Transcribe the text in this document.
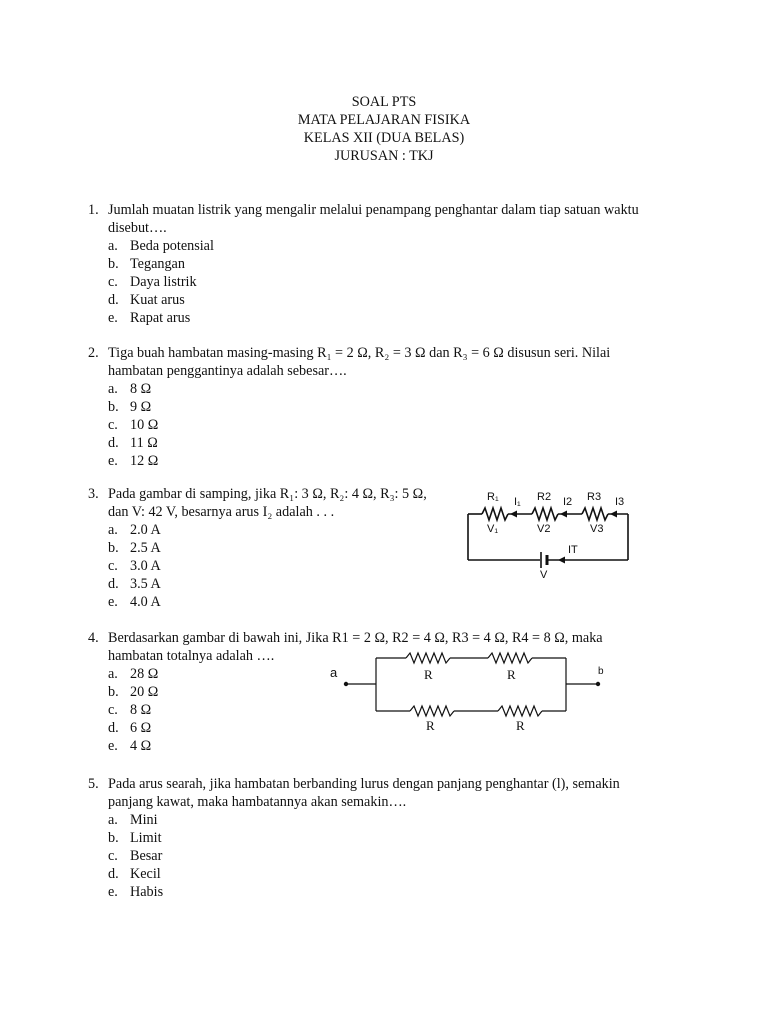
SOAL PTS
MATA PELAJARAN FISIKA
KELAS XII (DUA BELAS)
JURUSAN : TKJ
1. Jumlah muatan listrik yang mengalir melalui penampang penghantar dalam tiap satuan waktu
disebut….
a. Beda potensial
b. Tegangan
c. Daya listrik
d. Kuat arus
e. Rapat arus
2. Tiga buah hambatan masing-masing R₁ = 2 Ω, R₂ = 3 Ω dan R₃ = 6 Ω disusun seri. Nilai
hambatan penggantinya adalah sebesar….
a. 8 Ω
b. 9 Ω
c. 10 Ω
d. 11 Ω
e. 12 Ω
3. Pada gambar di samping, jika R₁: 3 Ω, R₂: 4 Ω, R₃: 5 Ω,
dan V: 42 V, besarnya arus I₂ adalah . . .
a. 2.0 A
b. 2.5 A
c. 3.0 A
d. 3.5 A
e. 4.0 A
R₁	R2	R3
I₁	I2	I3
V₁	V2	V3
IT
V
4. Berdasarkan gambar di bawah ini, Jika R1 = 2 Ω, R2 = 4 Ω, R3 = 4 Ω, R4 = 8 Ω, maka
hambatan totalnya adalah ….
a. 28 Ω
b. 20 Ω
c. 8 Ω
d. 6 Ω
e. 4 Ω
a	b
R	R
R	R
5. Pada arus searah, jika hambatan berbanding lurus dengan panjang penghantar (l), semakin
panjang kawat, maka hambatannya akan semakin….
a. Mini
b. Limit
c. Besar
d. Kecil
e. Habis
